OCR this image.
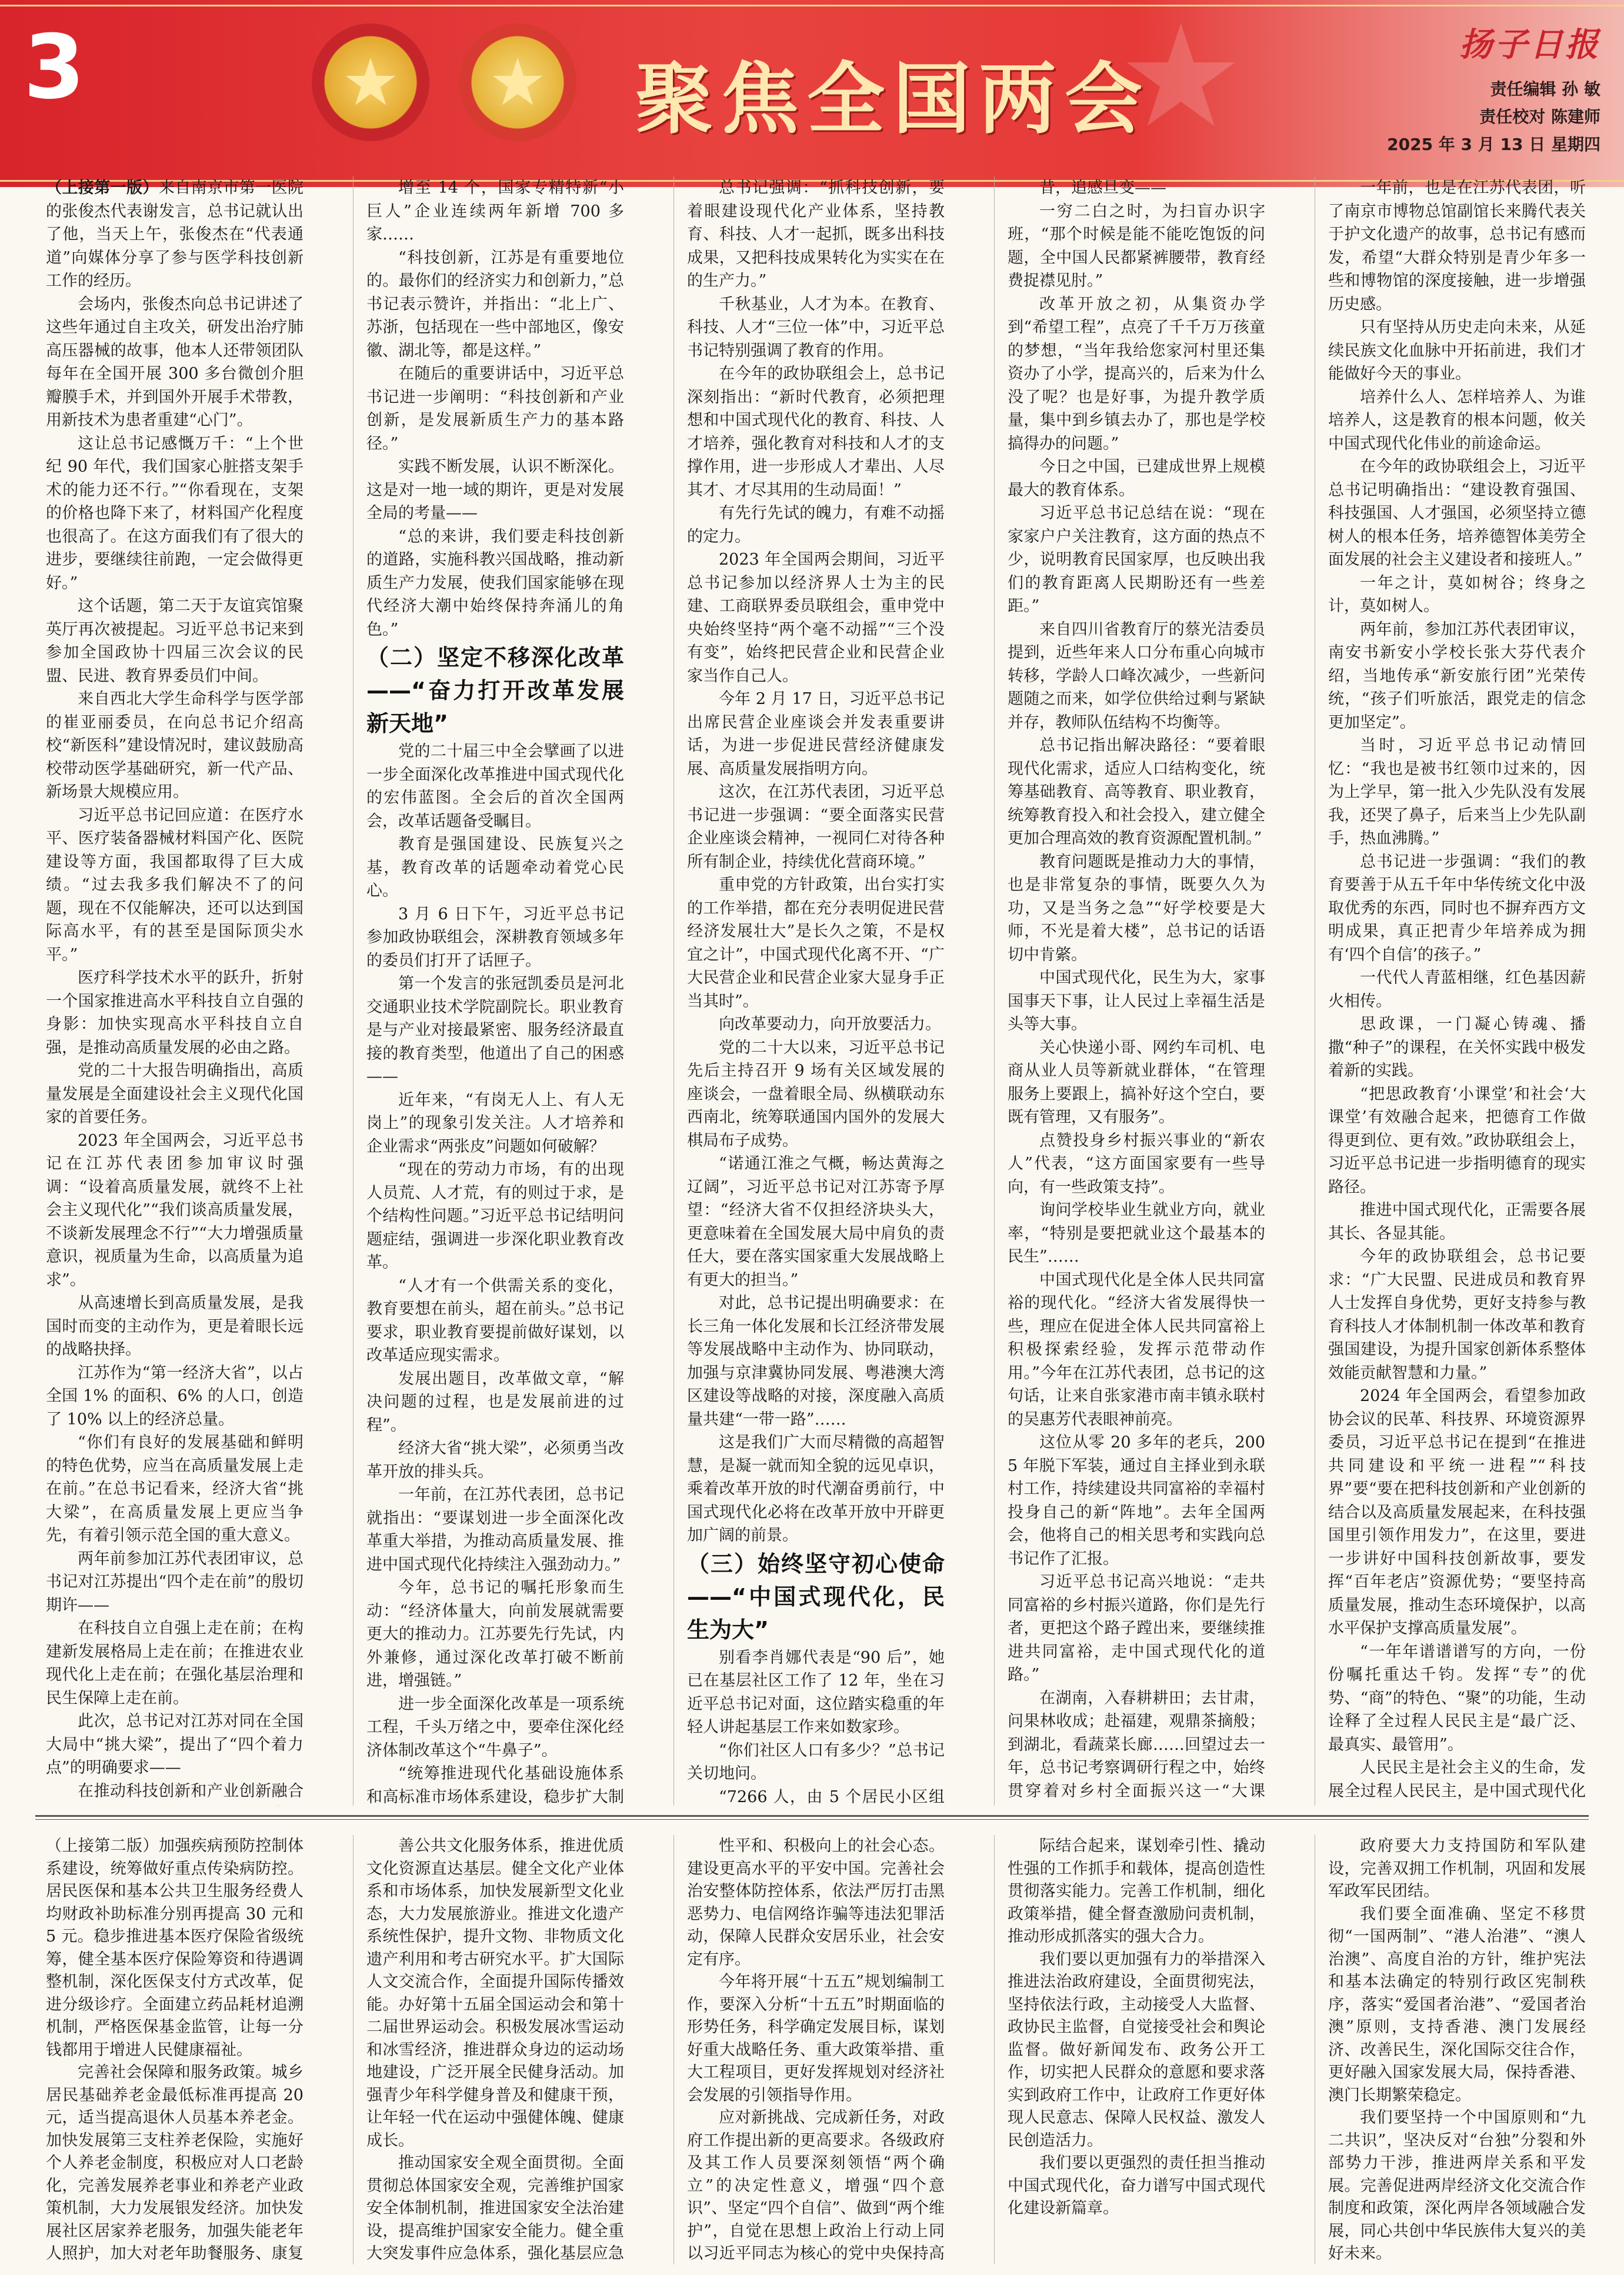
3	★ ★ 聚焦全国两会
★	扬子日报
责任编辑 孙 敏
责任校对 陈建师
2025 年 3 月 13 日 星期四

（上接第一版）来自南京市第一医院的张俊杰代表谢发言，总书记就认出了他，当天上午，张俊杰在“代表通道”向媒体分享了参与医学科技创新工作的经历。

会场内，张俊杰向总书记讲述了这些年通过自主攻关，研发出治疗肺高压器械的故事，他本人还带领团队每年在全国开展 300 多台微创介胆瓣膜手术，并到国外开展手术带教，用新技术为患者重建“心门”。

这让总书记感慨万千：“上个世纪 90 年代，我们国家心脏搭支架手术的能力还不行。”“你看现在，支架的价格也降下来了，材料国产化程度也很高了。在这方面我们有了很大的进步，要继续往前跑，一定会做得更好。”

这个话题，第二天于友谊宾馆聚英厅再次被提起。习近平总书记来到参加全国政协十四届三次会议的民盟、民进、教育界委员们中间。

来自西北大学生命科学与医学部的崔亚丽委员，在向总书记介绍高校“新医科”建设情况时，建议鼓励高校带动医学基础研究，新一代产品、新场景大规模应用。

习近平总书记回应道：在医疗水平、医疗装备器械材料国产化、医院建设等方面，我国都取得了巨大成绩。“过去我多我们解决不了的问题，现在不仅能解决，还可以达到国际高水平，有的甚至是国际顶尖水平。”

医疗科学技术水平的跃升，折射一个国家推进高水平科技自立自强的身影：加快实现高水平科技自立自强，是推动高质量发展的必由之路。

党的二十大报告明确指出，高质量发展是全面建设社会主义现代化国家的首要任务。

2023 年全国两会，习近平总书记在江苏代表团参加审议时强调：“设着高质量发展，就终不上社会主义现代化”“我们谈高质量发展，不谈新发展理念不行”“大力增强质量意识，视质量为生命，以高质量为追求”。

从高速增长到高质量发展，是我国时而变的主动作为，更是着眼长远的战略抉择。

江苏作为“第一经济大省”，以占全国 1% 的面积、6% 的人口，创造了 10% 以上的经济总量。

“你们有良好的发展基础和鲜明的特色优势，应当在高质量发展上走在前。”在总书记看来，经济大省“挑大梁”，在高质量发展上更应当争先，有着引领示范全国的重大意义。

两年前参加江苏代表团审议，总书记对江苏提出“四个走在前”的殷切期许——

在科技自立自强上走在前；在构建新发展格局上走在前；在推进农业现代化上走在前；在强化基层治理和民生保障上走在前。

此次，总书记对江苏对同在全国大局中“挑大梁”，提出了“四个着力点”的明确要求——

在推动科技创新和产业创新融合

增至 14 个，国家专精特新“小巨人”企业连续两年新增 700 多家……

“科技创新，江苏是有重要地位的。最你们的经济实力和创新力，”总书记表示赞许，并指出：“北上广、苏浙，包括现在一些中部地区，像安徽、湖北等，都是这样。”

在随后的重要讲话中，习近平总书记进一步阐明：“科技创新和产业创新，是发展新质生产力的基本路径。”

实践不断发展，认识不断深化。这是对一地一域的期许，更是对发展全局的考量——

“总的来讲，我们要走科技创新的道路，实施科教兴国战略，推动新质生产力发展，使我们国家能够在现代经济大潮中始终保持奔涌儿的角色。”

（二）坚定不移深化改革——“奋力打开改革发展新天地”

党的二十届三中全会擘画了以进一步全面深化改革推进中国式现代化的宏伟蓝图。全会后的首次全国两会，改革话题备受瞩目。

教育是强国建设、民族复兴之基，教育改革的话题牵动着党心民心。

3 月 6 日下午，习近平总书记参加政协联组会，深耕教育领域多年的委员们打开了话匣子。

第一个发言的张冠凯委员是河北交通职业技术学院副院长。职业教育是与产业对接最紧密、服务经济最直接的教育类型，他道出了自己的困惑——

近年来，“有岗无人上、有人无岗上”的现象引发关注。人才培养和企业需求“两张皮”问题如何破解？

“现在的劳动力市场，有的出现人员荒、人才荒，有的则过于求，是个结构性问题。”习近平总书记结明问题症结，强调进一步深化职业教育改革。

“人才有一个供需关系的变化，教育要想在前头，超在前头。”总书记要求，职业教育要提前做好谋划，以改革适应现实需求。

发展出题目，改革做文章，“解决问题的过程，也是发展前进的过程”。

经济大省“挑大梁”，必须勇当改革开放的排头兵。

一年前，在江苏代表团，总书记就指出：“要谋划进一步全面深化改革重大举措，为推动高质量发展、推进中国式现代化持续注入强劲动力。”

今年，总书记的嘱托形象而生动：“经济体量大，向前发展就需要更大的推动力。江苏要先行先试，内外兼修，通过深化改革打破不断前进，增强链。”

进一步全面深化改革是一项系统工程，千头万绪之中，要牵住深化经济体制改革这个“牛鼻子”。

“统筹推进现代化基础设施体系和高标准市场体系建设，稳步扩大制

总书记强调：“抓科技创新，要着眼建设现代化产业体系，坚持教育、科技、人才一起抓，既多出科技成果，又把科技成果转化为实实在在的生产力。”

千秋基业，人才为本。在教育、科技、人才“三位一体”中，习近平总书记特别强调了教育的作用。

在今年的政协联组会上，总书记深刻指出：“新时代教育，必须把理想和中国式现代化的教育、科技、人才培养，强化教育对科技和人才的支撑作用，进一步形成人才辈出、人尽其才、才尽其用的生动局面！”

有先行先试的魄力，有难不动摇的定力。

2023 年全国两会期间，习近平总书记参加以经济界人士为主的民建、工商联界委员联组会，重申党中央始终坚持“两个毫不动摇”“三个没有变”，始终把民营企业和民营企业家当作自己人。

今年 2 月 17 日，习近平总书记出席民营企业座谈会并发表重要讲话，为进一步促进民营经济健康发展、高质量发展指明方向。

这次，在江苏代表团，习近平总书记进一步强调：“要全面落实民营企业座谈会精神，一视同仁对待各种所有制企业，持续优化营商环境。”

重申党的方针政策，出台实打实的工作举措，都在充分表明促进民营经济发展壮大”是长久之策，不是权宜之计”，中国式现代化离不开、“广大民营企业和民营企业家大显身手正当其时”。

向改革要动力，向开放要活力。

党的二十大以来，习近平总书记先后主持召开 9 场有关区域发展的座谈会，一盘着眼全局、纵横联动东西南北，统筹联通国内国外的发展大棋局布子成势。

“诺通江淮之气概，畅达黄海之辽阔”，习近平总书记对江苏寄予厚望：“经济大省不仅担经济块头大，更意味着在全国发展大局中肩负的责任大，要在落实国家重大发展战略上有更大的担当。”

对此，总书记提出明确要求：在长三角一体化发展和长江经济带发展等发展战略中主动作为、协同联动，加强与京津冀协同发展、粤港澳大湾区建设等战略的对接，深度融入高质量共建“一带一路”……

这是我们广大而尽精微的高超智慧，是凝一就而知全貌的远见卓识，乘着改革开放的时代潮奋勇前行，中国式现代化必将在改革开放中开辟更加广阔的前景。

（三）始终坚守初心使命——“中国式现代化，民生为大”

别看李肖娜代表是“90 后”，她已在基层社区工作了 12 年，坐在习近平总书记对面，这位踏实稳重的年轻人讲起基层工作来如数家珍。

“你们社区人口有多少？”总书记关切地问。

“7266 人，由 5 个居民小区组

昔，追感旦变——

一穷二白之时，为扫盲办识字班，“那个时候是能不能吃饱饭的问题，全中国人民都紧裤腰带，教育经费捉襟见肘。”

改革开放之初，从集资办学到“希望工程”，点亮了千千万万孩童的梦想，“当年我给您家河村里还集资办了小学，提高兴的，后来为什么没了呢？也是好事，为提升教学质量，集中到乡镇去办了，那也是学校搞得办的问题。”

今日之中国，已建成世界上规模最大的教育体系。

习近平总书记总结在说：“现在家家户户关注教育，这方面的热点不少，说明教育民国家厚，也反映出我们的教育距离人民期盼还有一些差距。”

来自四川省教育厅的蔡光洁委员提到，近些年来人口分布重心向城市转移，学龄人口峰次减少，一些新问题随之而来，如学位供给过剩与紧缺并存，教师队伍结构不均衡等。

总书记指出解决路径：“要着眼现代化需求，适应人口结构变化，统筹基础教育、高等教育、职业教育，统筹教育投入和社会投入，建立健全更加合理高效的教育资源配置机制。”

教育问题既是推动力大的事情，也是非常复杂的事情，既要久久为功，又是当务之急”“好学校要是大师，不光是着大楼”，总书记的话语切中肯綮。

中国式现代化，民生为大，家事国事天下事，让人民过上幸福生活是头等大事。

关心快递小哥、网约车司机、电商从业人员等新就业群体，“在管理服务上要跟上，搞补好这个空白，要既有管理，又有服务”。

点赞投身乡村振兴事业的“新农人”代表，“这方面国家要有一些导向，有一些政策支持”。

询问学校毕业生就业方向，就业率，“特别是要把就业这个最基本的民生”……

中国式现代化是全体人民共同富裕的现代化。“经济大省发展得快一些，理应在促进全体人民共同富裕上积极探索经验，发挥示范带动作用。”今年在江苏代表团，总书记的这句话，让来自张家港市南丰镇永联村的吴惠芳代表眼神前亮。

这位从零 20 多年的老兵，2005 年脱下军装，通过自主择业到永联村工作，持续建设共同富裕的幸福村投身自己的新“阵地”。去年全国两会，他将自己的相关思考和实践向总书记作了汇报。

习近平总书记高兴地说：“走共同富裕的乡村振兴道路，你们是先行者，更把这个路子蹚出来，要继续推进共同富裕，走中国式现代化的道路。”

在湖南，入春耕耕田；去甘肃，问果林收成；赴福建，观鼎茶摘般；到湖北，看蔬菜长廊……回望过去一年，总书记考察调研行程之中，始终贯穿着对乡村全面振兴这一“大课

一年前，也是在江苏代表团，听了南京市博物总馆副馆长来腾代表关于护文化遗产的故事，总书记有感而发，希望“大群众特别是青少年多一些和博物馆的深度接触，进一步增强历史感。

只有坚持从历史走向未来，从延续民族文化血脉中开拓前进，我们才能做好今天的事业。

培养什么人、怎样培养人、为谁培养人，这是教育的根本问题，攸关中国式现代化伟业的前途命运。

在今年的政协联组会上，习近平总书记明确指出：“建设教育强国、科技强国、人才强国，必须坚持立德树人的根本任务，培养德智体美劳全面发展的社会主义建设者和接班人。”

一年之计，莫如树谷；终身之计，莫如树人。

两年前，参加江苏代表团审议，南安书新安小学校长张大芬代表介绍，当地传承“新安旅行团”光荣传统，“孩子们听旅活，跟党走的信念更加坚定”。

当时，习近平总书记动情回忆：“我也是被书红领巾过来的，因为上学早，第一批入少先队没有发展我，还哭了鼻子，后来当上少先队副手，热血沸腾。”

总书记进一步强调：“我们的教育要善于从五千年中华传统文化中汲取优秀的东西，同时也不摒弃西方文明成果，真正把青少年培养成为拥有‘四个自信’的孩子。”

一代代人青蓝相继，红色基因薪火相传。

思政课，一门凝心铸魂、播撒“种子”的课程，在关怀实践中极发着新的实践。

“把思政教育‘小课堂’和社会‘大课堂’有效融合起来，把德育工作做得更到位、更有效。”政协联组会上，习近平总书记进一步指明德育的现实路径。

推进中国式现代化，正需要各展其长、各显其能。

今年的政协联组会，总书记要求：“广大民盟、民进成员和教育界人士发挥自身优势，更好支持参与教育科技人才体制机制一体改革和教育强国建设，为提升国家创新体系整体效能贡献智慧和力量。”

2024 年全国两会，看望参加政协会议的民革、科技界、环境资源界委员，习近平总书记在提到“在推进共同建设和平统一进程”“科技界”要“要在把科技创新和产业创新的结合以及高质量发展起来，在科技强国里引领作用发力”，在这里，要进一步讲好中国科技创新故事，要发挥“百年老店”资源优势；“要坚持高质量发展，推动生态环境保护，以高水平保护支撑高质量发展”。

“一年年谱谱谱写的方向，一份份嘱托重达千钧。发挥“专”的优势、“商”的特色、“聚”的功能，生动诠释了全过程人民民主是“最广泛、最真实、最管用”。

人民民主是社会主义的生命，发展全过程人民民主，是中国式现代化

（上接第二版）加强疾病预防控制体系建设，统筹做好重点传染病防控。居民医保和基本公共卫生服务经费人均财政补助标准分别再提高 30 元和 5 元。稳步推进基本医疗保险省级统筹，健全基本医疗保险筹资和待遇调整机制，深化医保支付方式改革，促进分级诊疗。全面建立药品耗材追溯机制，严格医保基金监管，让每一分钱都用于增进人民健康福祉。

完善社会保障和服务政策。城乡居民基础养老金最低标准再提高 20 元，适当提高退休人员基本养老金。加快发展第三支柱养老保险，实施好个人养老金制度，积极应对人口老龄化，完善发展养老事业和养老产业政策机制，大力发展银发经济。加快发展社区居家养老服务，加强失能老年人照护，加大对老年助餐服务、康复

善公共文化服务体系，推进优质文化资源直达基层。健全文化产业体系和市场体系，加快发展新型文化业态，大力发展旅游业。推进文化遗产系统性保护，提升文物、非物质文化遗产利用和考古研究水平。扩大国际人文交流合作，全面提升国际传播效能。办好第十五届全国运动会和第十二届世界运动会。积极发展冰雪运动和冰雪经济，推进群众身边的运动场地建设，广泛开展全民健身活动。加强青少年科学健身普及和健康干预，让年轻一代在运动中强健体魄、健康成长。

推动国家安全观全面贯彻。全面贯彻总体国家安全观，完善维护国家安全体制机制，推进国家安全法治建设，提高维护国家安全能力。健全重大突发事件应急体系，强化基层应急

性平和、积极向上的社会心态。建设更高水平的平安中国。完善社会治安整体防控体系，依法严厉打击黑恶势力、电信网络诈骗等违法犯罪活动，保障人民群众安居乐业，社会安定有序。

今年将开展“十五五”规划编制工作，要深入分析“十五五”时期面临的形势任务，科学确定发展目标，谋划好重大战略任务、重大政策举措、重大工程项目，更好发挥规划对经济社会发展的引领指导作用。

应对新挑战、完成新任务，对政府工作提出新的更高要求。各级政府及其工作人员要深刻领悟“两个确立”的决定性意义，增强“四个意识”、坚定“四个自信”、做到“两个维护”，自觉在思想上政治上行动上同以习近平同志为核心的党中央保持高

际结合起来，谋划牵引性、撬动性强的工作抓手和载体，提高创造性贯彻落实能力。完善工作机制，细化政策举措，健全督查激励问责机制，推动形成抓落实的强大合力。

我们要以更加强有力的举措深入推进法治政府建设，全面贯彻宪法，坚持依法行政，主动接受人大监督、政协民主监督，自觉接受社会和舆论监督。做好新闻发布、政务公开工作，切实把人民群众的意愿和要求落实到政府工作中，让政府工作更好体现人民意志、保障人民权益、激发人民创造活力。

我们要以更强烈的责任担当推动中国式现代化，奋力谱写中国式现代化建设新篇章。

政府要大力支持国防和军队建设，完善双拥工作机制，巩固和发展军政军民团结。

我们要全面准确、坚定不移贯彻“一国两制”、“港人治港”、“澳人治澳”、高度自治的方针，维护宪法和基本法确定的特别行政区宪制秩序，落实“爱国者治港”、“爱国者治澳”原则，支持香港、澳门发展经济、改善民生，深化国际交往合作，更好融入国家发展大局，保持香港、澳门长期繁荣稳定。

我们要坚持一个中国原则和“九二共识”，坚决反对“台独”分裂和外部势力干涉，推进两岸关系和平发展。完善促进两岸经济文化交流合作制度和政策，深化两岸各领域融合发展，同心共创中华民族伟大复兴的美好未来。
